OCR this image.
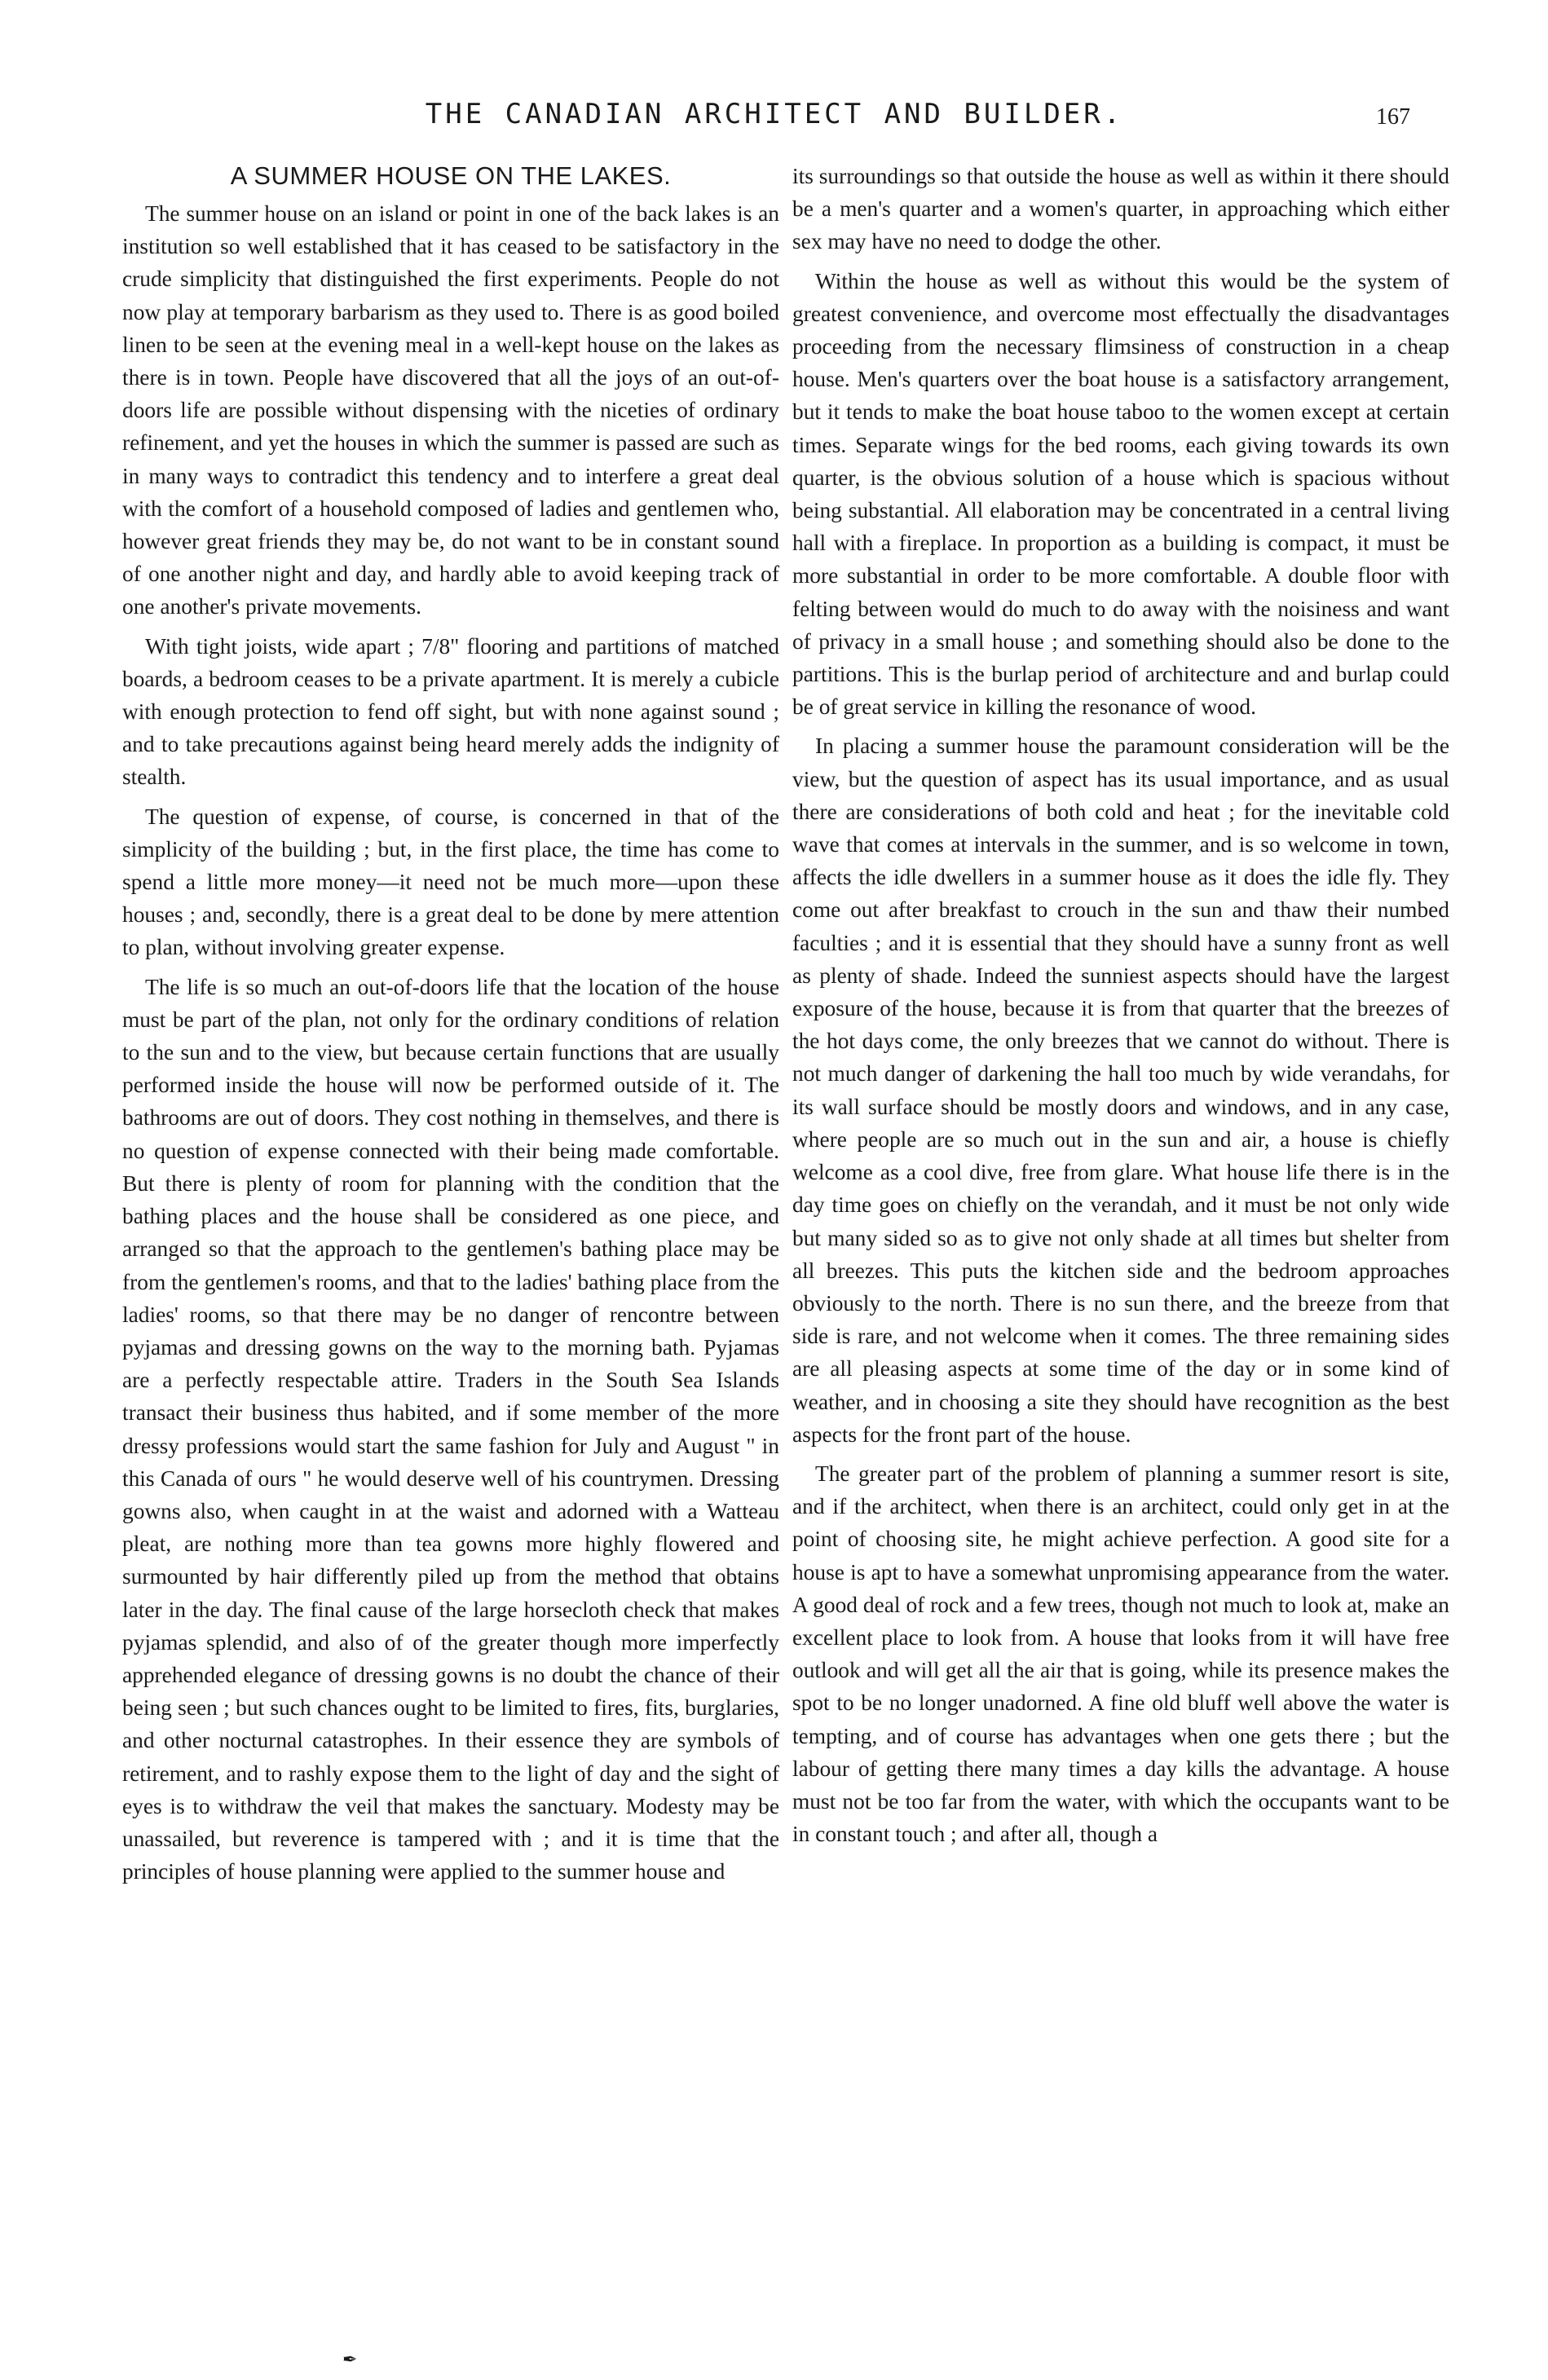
THE CANADIAN ARCHITECT AND BUILDER.	167
A SUMMER HOUSE ON THE LAKES.

The summer house on an island or point in one of the back lakes is an institution so well established that it has ceased to be satisfactory in the crude simplicity that distinguished the first experiments. People do not now play at temporary barbarism as they used to. There is as good boiled linen to be seen at the evening meal in a well-kept house on the lakes as there is in town. People have discovered that all the joys of an out-of-doors life are possible without dispensing with the niceties of ordinary refinement, and yet the houses in which the summer is passed are such as in many ways to contradict this tendency and to interfere a great deal with the comfort of a household composed of ladies and gentlemen who, however great friends they may be, do not want to be in constant sound of one another night and day, and hardly able to avoid keeping track of one another's private movements.

With tight joists, wide apart ; 7/8" flooring and partitions of matched boards, a bedroom ceases to be a private apartment. It is merely a cubicle with enough protection to fend off sight, but with none against sound ; and to take precautions against being heard merely adds the indignity of stealth.

The question of expense, of course, is concerned in that of the simplicity of the building ; but, in the first place, the time has come to spend a little more money—it need not be much more—upon these houses ; and, secondly, there is a great deal to be done by mere attention to plan, without involving greater expense.

The life is so much an out-of-doors life that the location of the house must be part of the plan, not only for the ordinary conditions of relation to the sun and to the view, but because certain functions that are usually performed inside the house will now be performed outside of it. The bathrooms are out of doors. They cost nothing in themselves, and there is no question of expense connected with their being made comfortable. But there is plenty of room for planning with the condition that the bathing places and the house shall be considered as one piece, and arranged so that the approach to the gentlemen's bathing place may be from the gentlemen's rooms, and that to the ladies' bathing place from the ladies' rooms, so that there may be no danger of rencontre between pyjamas and dressing gowns on the way to the morning bath. Pyjamas are a perfectly respectable attire. Traders in the South Sea Islands transact their business thus habited, and if some member of the more dressy professions would start the same fashion for July and August " in this Canada of ours " he would deserve well of his countrymen. Dressing gowns also, when caught in at the waist and adorned with a Watteau pleat, are nothing more than tea gowns more highly flowered and surmounted by hair differently piled up from the method that obtains later in the day. The final cause of the large horsecloth check that makes pyjamas splendid, and also of of the greater though more imperfectly apprehended elegance of dressing gowns is no doubt the chance of their being seen ; but such chances ought to be limited to fires, fits, burglaries, and other nocturnal catastrophes. In their essence they are symbols of retirement, and to rashly expose them to the light of day and the sight of eyes is to withdraw the veil that makes the sanctuary. Modesty may be unassailed, but reverence is tampered with ; and it is time that the principles of house planning were applied to the summer house and

its surroundings so that outside the house as well as within it there should be a men's quarter and a women's quarter, in approaching which either sex may have no need to dodge the other.

Within the house as well as without this would be the system of greatest convenience, and overcome most effectually the disadvantages proceeding from the necessary flimsiness of construction in a cheap house. Men's quarters over the boat house is a satisfactory arrangement, but it tends to make the boat house taboo to the women except at certain times. Separate wings for the bed rooms, each giving towards its own quarter, is the obvious solution of a house which is spacious without being substantial. All elaboration may be concentrated in a central living hall with a fireplace. In proportion as a building is compact, it must be more substantial in order to be more comfortable. A double floor with felting between would do much to do away with the noisiness and want of privacy in a small house ; and something should also be done to the partitions. This is the burlap period of architecture and and burlap could be of great service in killing the resonance of wood.

In placing a summer house the paramount consideration will be the view, but the question of aspect has its usual importance, and as usual there are considerations of both cold and heat ; for the inevitable cold wave that comes at intervals in the summer, and is so welcome in town, affects the idle dwellers in a summer house as it does the idle fly. They come out after breakfast to crouch in the sun and thaw their numbed faculties ; and it is essential that they should have a sunny front as well as plenty of shade. Indeed the sunniest aspects should have the largest exposure of the house, because it is from that quarter that the breezes of the hot days come, the only breezes that we cannot do without. There is not much danger of darkening the hall too much by wide verandahs, for its wall surface should be mostly doors and windows, and in any case, where people are so much out in the sun and air, a house is chiefly welcome as a cool dive, free from glare. What house life there is in the day time goes on chiefly on the verandah, and it must be not only wide but many sided so as to give not only shade at all times but shelter from all breezes. This puts the kitchen side and the bedroom approaches obviously to the north. There is no sun there, and the breeze from that side is rare, and not welcome when it comes. The three remaining sides are all pleasing aspects at some time of the day or in some kind of weather, and in choosing a site they should have recognition as the best aspects for the front part of the house.

The greater part of the problem of planning a summer resort is site, and if the architect, when there is an architect, could only get in at the point of choosing site, he might achieve perfection. A good site for a house is apt to have a somewhat unpromising appearance from the water. A good deal of rock and a few trees, though not much to look at, make an excellent place to look from. A house that looks from it will have free outlook and will get all the air that is going, while its presence makes the spot to be no longer unadorned. A fine old bluff well above the water is tempting, and of course has advantages when one gets there ; but the labour of getting there many times a day kills the advantage. A house must not be too far from the water, with which the occupants want to be in constant touch ; and after all, though a

✒
